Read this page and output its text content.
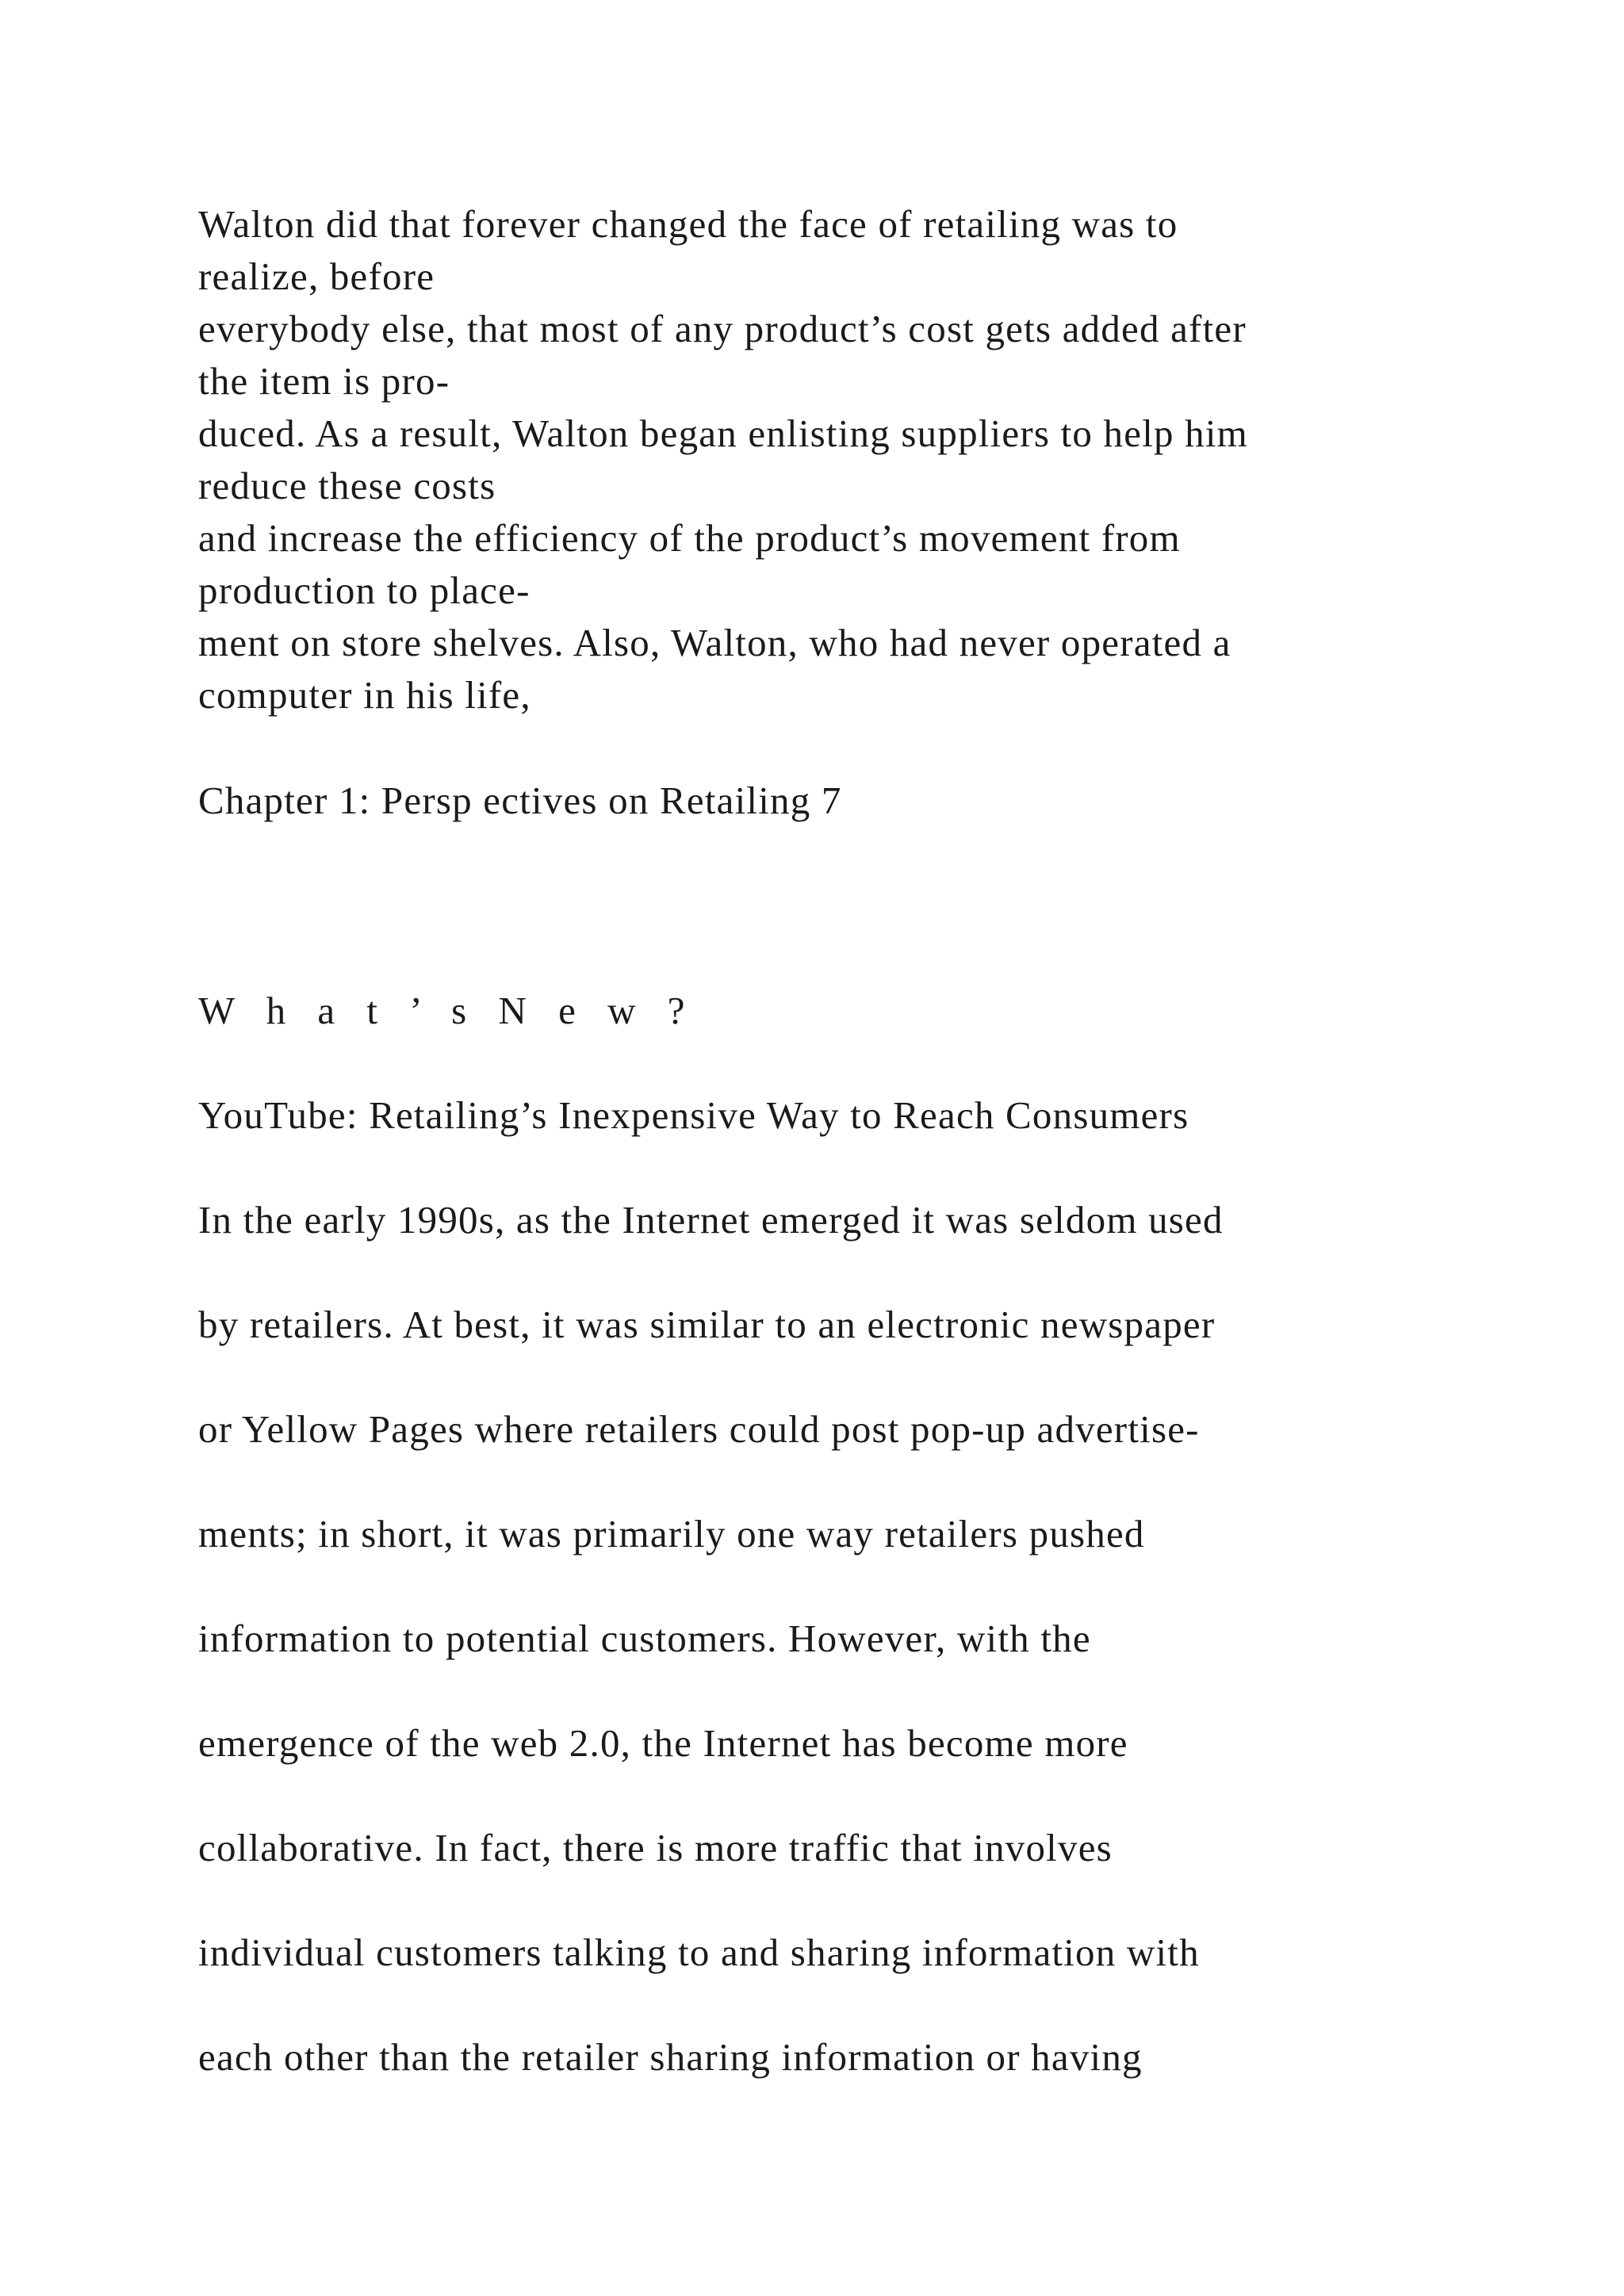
Walton did that forever changed the face of retailing was to

realize, before

everybody else, that most of any product’s cost gets added after

the item is pro-

duced. As a result, Walton began enlisting suppliers to help him

reduce these costs

and increase the efficiency of the product’s movement from

production to place-

ment on store shelves. Also, Walton, who had never operated a

computer in his life,

Chapter 1: Persp ectives on Retailing 7

W h a t ’ s N e w ?

YouTube: Retailing’s Inexpensive Way to Reach Consumers

In the early 1990s, as the Internet emerged it was seldom used

by retailers. At best, it was similar to an electronic newspaper

or Yellow Pages where retailers could post pop-up advertise-

ments; in short, it was primarily one way retailers pushed

information to potential customers. However, with the

emergence of the web 2.0, the Internet has become more

collaborative. In fact, there is more traffic that involves

individual customers talking to and sharing information with

each other than the retailer sharing information or having
